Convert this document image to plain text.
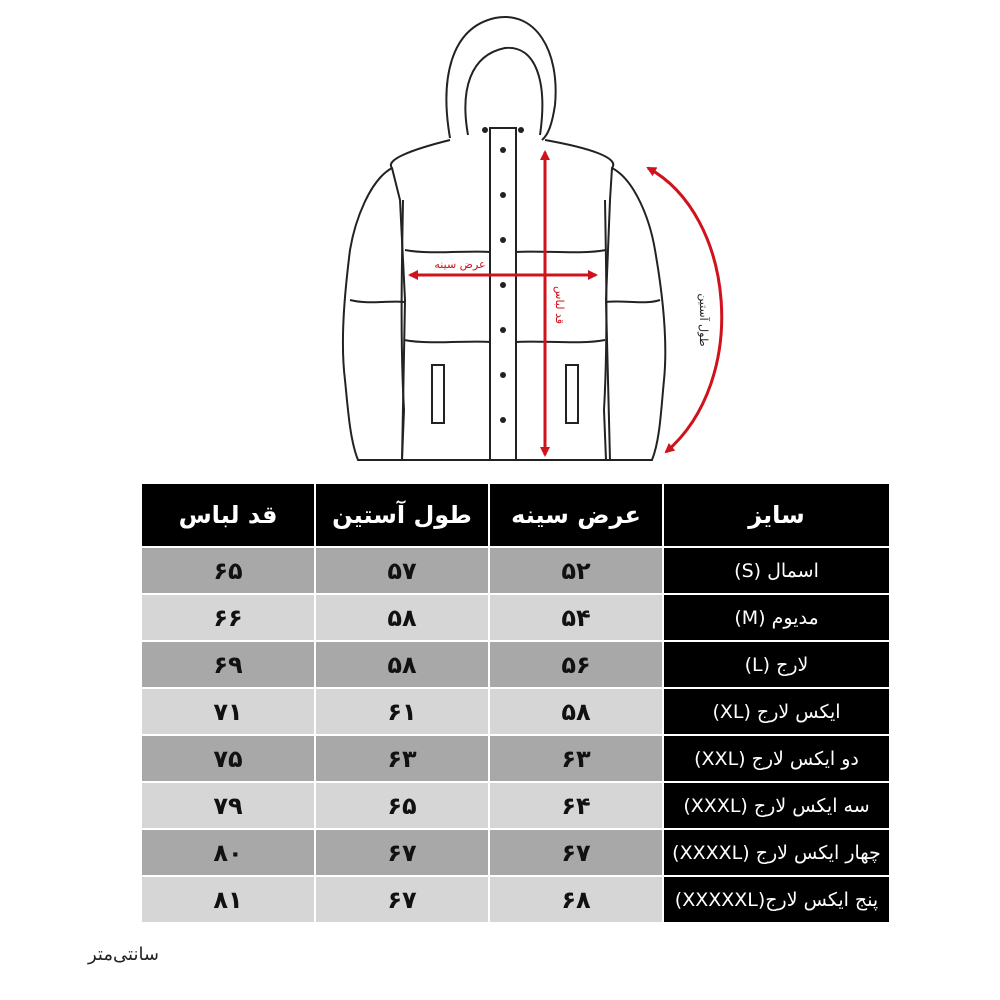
عرض سینه
قد لباس	طول آستین
قد لباس	طول آستین	عرض سینه	سایز
۶۵	۵۷	۵۲	اسمال (S)
۶۶	۵۸	۵۴	مدیوم (M)
۶۹	۵۸	۵۶	لارج (L)
۷۱	۶۱	۵۸	ایکس لارج (XL)
۷۵	۶۳	۶۳	دو ایکس لارج (XXL)
۷۹	۶۵	۶۴	سه ایکس لارج (XXXL)
۸۰	۶۷	۶۷	چهار ایکس لارج (XXXXL)
۸۱	۶۷	۶۸	پنج ایکس لارج(XXXXXL)
سانتی‌متر
